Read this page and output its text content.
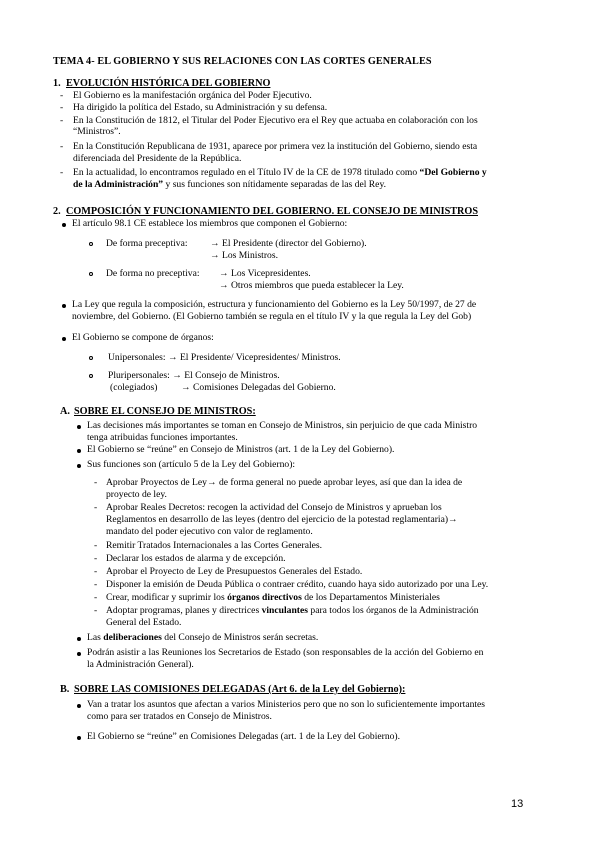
TEMA 4- EL GOBIERNO Y SUS RELACIONES CON LAS CORTES GENERALES
1. EVOLUCIÓN HISTÓRICA DEL GOBIERNO
- El Gobierno es la manifestación orgánica del Poder Ejecutivo.
- Ha dirigido la política del Estado, su Administración y su defensa.
- En la Constitución de 1812, el Titular del Poder Ejecutivo era el Rey que actuaba en colaboración con los
“Ministros”.
- En la Constitución Republicana de 1931, aparece por primera vez la institución del Gobierno, siendo esta
diferenciada del Presidente de la República.
- En la actualidad, lo encontramos regulado en el Título IV de la CE de 1978 titulado como “Del Gobierno y
de la Administración” y sus funciones son nítidamente separadas de las del Rey.
2. COMPOSICIÓN Y FUNCIONAMIENTO DEL GOBIERNO. EL CONSEJO DE MINISTROS
El artículo 98.1 CE establece los miembros que componen el Gobierno:
De forma preceptiva: → El Presidente (director del Gobierno).
→ Los Ministros.
De forma no preceptiva: → Los Vicepresidentes.
→ Otros miembros que pueda establecer la Ley.
La Ley que regula la composición, estructura y funcionamiento del Gobierno es la Ley 50/1997, de 27 de
noviembre, del Gobierno. (El Gobierno también se regula en el título IV y la que regula la Ley del Gob)
El Gobierno se compone de órganos:
Unipersonales: → El Presidente/ Vicepresidentes/ Ministros.
Pluripersonales: → El Consejo de Ministros.
(colegiados) → Comisiones Delegadas del Gobierno.
A. SOBRE EL CONSEJO DE MINISTROS:
Las decisiones más importantes se toman en Consejo de Ministros, sin perjuicio de que cada Ministro
tenga atribuidas funciones importantes.
El Gobierno se “reúne” en Consejo de Ministros (art. 1 de la Ley del Gobierno).
Sus funciones son (artículo 5 de la Ley del Gobierno):
- Aprobar Proyectos de Ley→ de forma general no puede aprobar leyes, así que dan la idea de
proyecto de ley.
- Aprobar Reales Decretos: recogen la actividad del Consejo de Ministros y aprueban los
Reglamentos en desarrollo de las leyes (dentro del ejercicio de la potestad reglamentaria)→
mandato del poder ejecutivo con valor de reglamento.
- Remitir Tratados Internacionales a las Cortes Generales.
- Declarar los estados de alarma y de excepción.
- Aprobar el Proyecto de Ley de Presupuestos Generales del Estado.
- Disponer la emisión de Deuda Pública o contraer crédito, cuando haya sido autorizado por una Ley.
- Crear, modificar y suprimir los órganos directivos de los Departamentos Ministeriales
- Adoptar programas, planes y directrices vinculantes para todos los órganos de la Administración
General del Estado.
Las deliberaciones del Consejo de Ministros serán secretas.
Podrán asistir a las Reuniones los Secretarios de Estado (son responsables de la acción del Gobierno en
la Administración General).
B. SOBRE LAS COMISIONES DELEGADAS (Art 6. de la Ley del Gobierno):
Van a tratar los asuntos que afectan a varios Ministerios pero que no son lo suficientemente importantes
como para ser tratados en Consejo de Ministros.
El Gobierno se “reúne” en Comisiones Delegadas (art. 1 de la Ley del Gobierno).
13
